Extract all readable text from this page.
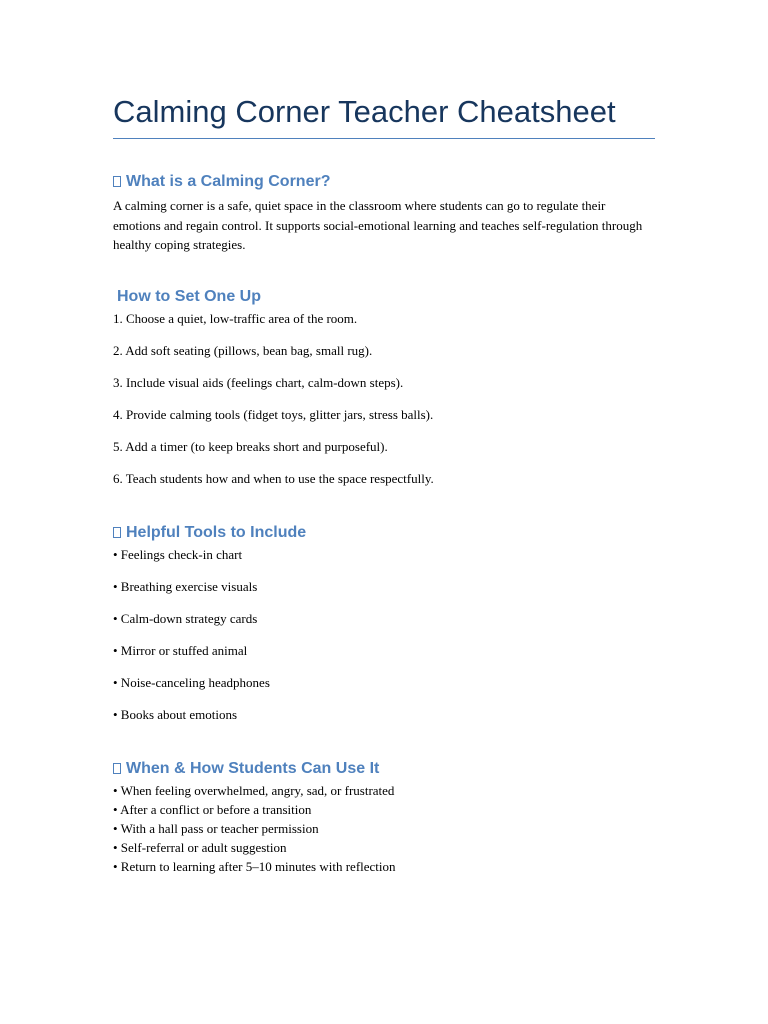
Calming Corner Teacher Cheatsheet
What is a Calming Corner?
A calming corner is a safe, quiet space in the classroom where students can go to regulate their emotions and regain control. It supports social-emotional learning and teaches self-regulation through healthy coping strategies.
How to Set One Up
1. Choose a quiet, low-traffic area of the room.
2. Add soft seating (pillows, bean bag, small rug).
3. Include visual aids (feelings chart, calm-down steps).
4. Provide calming tools (fidget toys, glitter jars, stress balls).
5. Add a timer (to keep breaks short and purposeful).
6. Teach students how and when to use the space respectfully.
Helpful Tools to Include
• Feelings check-in chart
• Breathing exercise visuals
• Calm-down strategy cards
• Mirror or stuffed animal
• Noise-canceling headphones
• Books about emotions
When & How Students Can Use It
• When feeling overwhelmed, angry, sad, or frustrated
• After a conflict or before a transition
• With a hall pass or teacher permission
• Self-referral or adult suggestion
• Return to learning after 5–10 minutes with reflection
